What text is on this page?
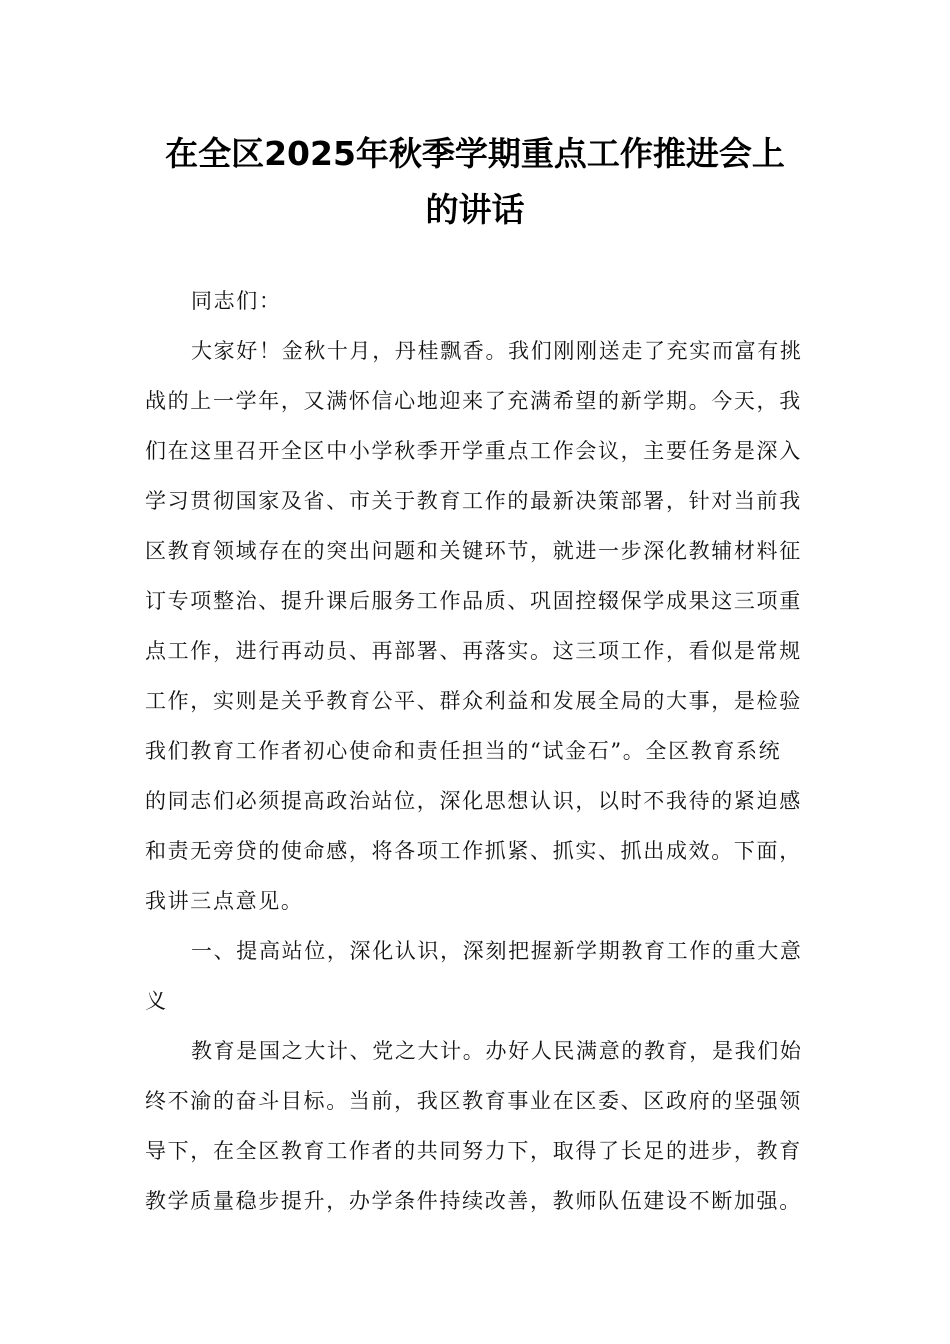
在全区2025年秋季学期重点工作推进会上
的讲话
同志们：
大家好！金秋十月，丹桂飘香。我们刚刚送走了充实而富有挑
战的上一学年，又满怀信心地迎来了充满希望的新学期。今天，我
们在这里召开全区中小学秋季开学重点工作会议，主要任务是深入
学习贯彻国家及省、市关于教育工作的最新决策部署，针对当前我
区教育领域存在的突出问题和关键环节，就进一步深化教辅材料征
订专项整治、提升课后服务工作品质、巩固控辍保学成果这三项重
点工作，进行再动员、再部署、再落实。这三项工作，看似是常规
工作，实则是关乎教育公平、群众利益和发展全局的大事，是检验
我们教育工作者初心使命和责任担当的“试金石”。全区教育系统
的同志们必须提高政治站位，深化思想认识，以时不我待的紧迫感
和责无旁贷的使命感，将各项工作抓紧、抓实、抓出成效。下面，
我讲三点意见。
一、提高站位，深化认识，深刻把握新学期教育工作的重大意
义
教育是国之大计、党之大计。办好人民满意的教育，是我们始
终不渝的奋斗目标。当前，我区教育事业在区委、区政府的坚强领
导下，在全区教育工作者的共同努力下，取得了长足的进步，教育
教学质量稳步提升，办学条件持续改善，教师队伍建设不断加强。
